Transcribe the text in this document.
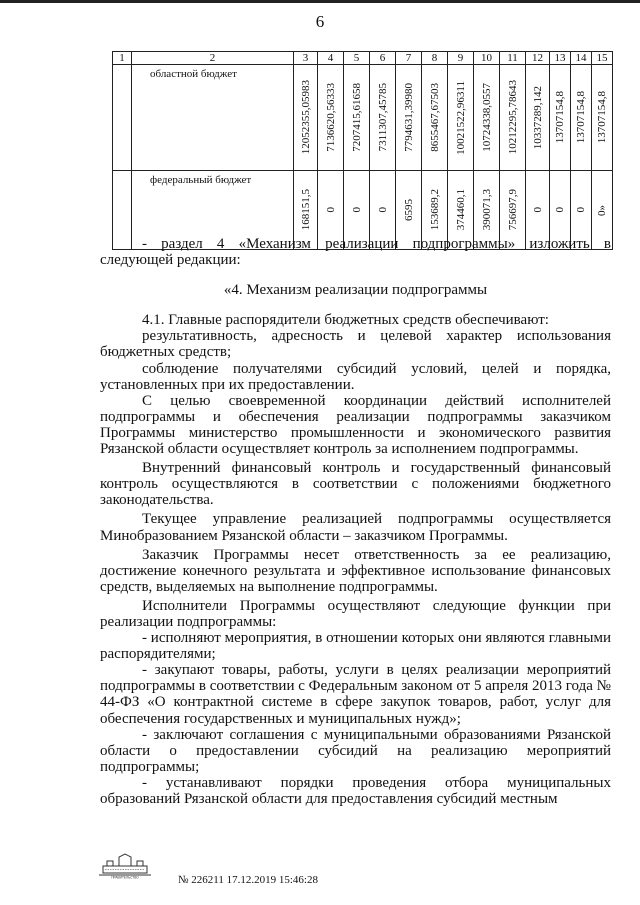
6
1	2	3	4	5	6	7	8	9	10	11	12	13	14	15
	областной бюджет	12052355,05983	7136620,56333	7207415,61658	7311307,45785	7794631,39980	8655467,67503	10021522,96311	10724338,0557	10212295,78643	10337289,142	13707154,8	13707154,8	13707154,8

	федеральный бюджет	168151,5	0	0	0	6595	153689,2	374460,1	390071,3	756697,9	0	0	0	0»

- раздел 4 «Механизм реализации подпрограммы» изложить в следующей редакции:

«4. Механизм реализации подпрограммы

4.1. Главные распорядители бюджетных средств обеспечивают:

результативность, адресность и целевой характер использования бюджетных средств;

соблюдение получателями субсидий условий, целей и порядка, установленных при их предоставлении.

С целью своевременной координации действий исполнителей подпрограммы и обеспечения реализации подпрограммы заказчиком Программы министерство промышленности и экономического развития Рязанской области осуществляет контроль за исполнением подпрограммы.

Внутренний финансовый контроль и государственный финансовый контроль осуществляются в соответствии с положениями бюджетного законодательства.

Текущее управление реализацией подпрограммы осуществляется Минобразованием Рязанской области – заказчиком Программы.

Заказчик Программы несет ответственность за ее реализацию, достижение конечного результата и эффективное использование финансовых средств, выделяемых на выполнение подпрограммы.

Исполнители Программы осуществляют следующие функции при реализации подпрограммы:

- исполняют мероприятия, в отношении которых они являются главными распорядителями;

- закупают товары, работы, услуги в целях реализации мероприятий подпрограммы в соответствии с Федеральным законом от 5 апреля 2013 года № 44-ФЗ «О контрактной системе в сфере закупок товаров, работ, услуг для обеспечения государственных и муниципальных нужд»;

- заключают соглашения с муниципальными образованиями Рязанской области о предоставлении субсидий на реализацию мероприятий подпрограммы;

- устанавливают порядки проведения отбора муниципальных образований Рязанской области для предоставления субсидий местным

ПРАВИТЕЛЬСТВО	№ 226211 17.12.2019 15:46:28
